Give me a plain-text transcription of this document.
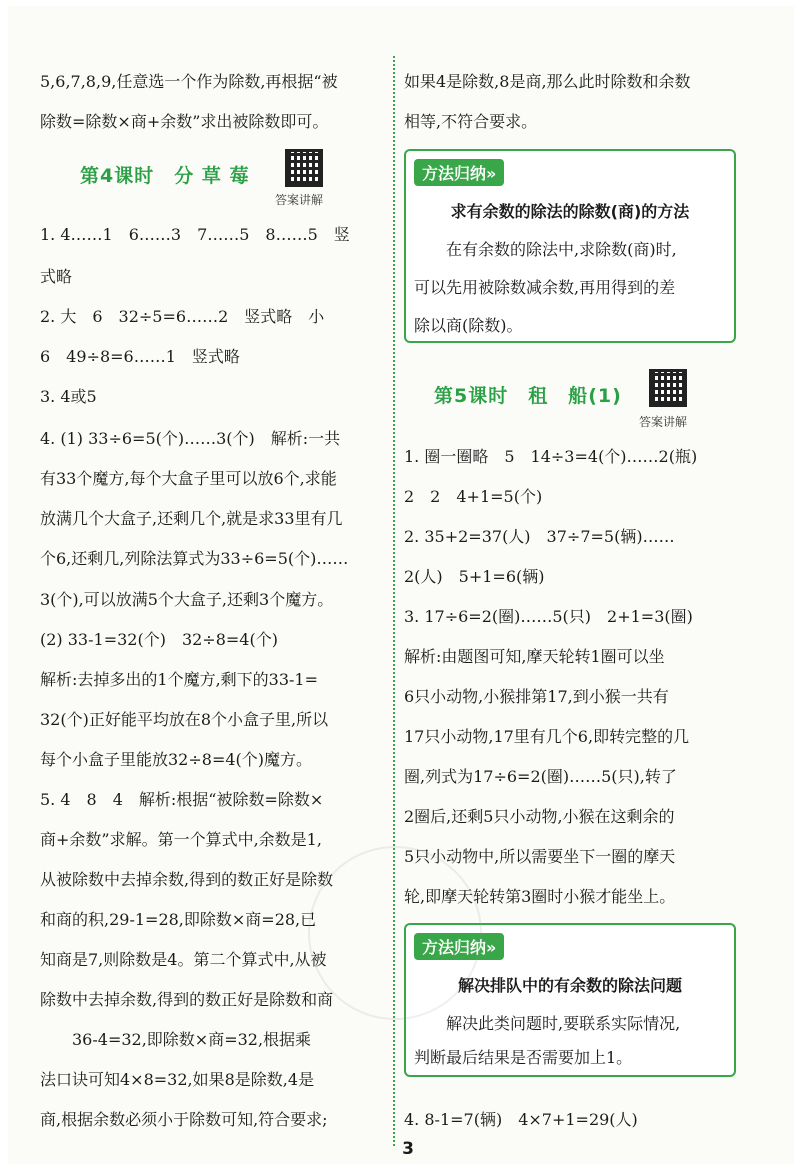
5,6,7,8,9,任意选一个作为除数,再根据“被
除数=除数×商+余数”求出被除数即可。
第4课时　分 草 莓
答案讲解
1. 4……1　6……3　7……5　8……5　竖
式略
2. 大　6　32÷5=6……2　竖式略　小
6　49÷8=6……1　竖式略
3. 4或5
4. (1) 33÷6=5(个)……3(个)　解析:一共
有33个魔方,每个大盒子里可以放6个,求能
放满几个大盒子,还剩几个,就是求33里有几
个6,还剩几,列除法算式为33÷6=5(个)……
3(个),可以放满5个大盒子,还剩3个魔方。
(2) 33-1=32(个)　32÷8=4(个)
解析:去掉多出的1个魔方,剩下的33-1=
32(个)正好能平均放在8个小盒子里,所以
每个小盒子里能放32÷8=4(个)魔方。
5. 4　8　4　解析:根据“被除数=除数×
商+余数”求解。第一个算式中,余数是1,
从被除数中去掉余数,得到的数正好是除数
和商的积,29-1=28,即除数×商=28,已
知商是7,则除数是4。第二个算式中,从被
除数中去掉余数,得到的数正好是除数和商
　　36-4=32,即除数×商=32,根据乘
法口诀可知4×8=32,如果8是除数,4是
商,根据余数必须小于除数可知,符合要求;
如果4是除数,8是商,那么此时除数和余数
相等,不符合要求。
方法归纳»
求有余数的除法的除数(商)的方法
　　在有余数的除法中,求除数(商)时,
可以先用被除数减余数,再用得到的差
除以商(除数)。
第5课时　租　船(1)
答案讲解
1. 圈一圈略　5　14÷3=4(个)……2(瓶)
2　2　4+1=5(个)
2. 35+2=37(人)　37÷7=5(辆)……
2(人)　5+1=6(辆)
3. 17÷6=2(圈)……5(只)　2+1=3(圈)
解析:由题图可知,摩天轮转1圈可以坐
6只小动物,小猴排第17,到小猴一共有
17只小动物,17里有几个6,即转完整的几
圈,列式为17÷6=2(圈)……5(只),转了
2圈后,还剩5只小动物,小猴在这剩余的
5只小动物中,所以需要坐下一圈的摩天
轮,即摩天轮转第3圈时小猴才能坐上。
方法归纳»
解决排队中的有余数的除法问题
　　解决此类问题时,要联系实际情况,
判断最后结果是否需要加上1。
4. 8-1=7(辆)　4×7+1=29(人)
3
